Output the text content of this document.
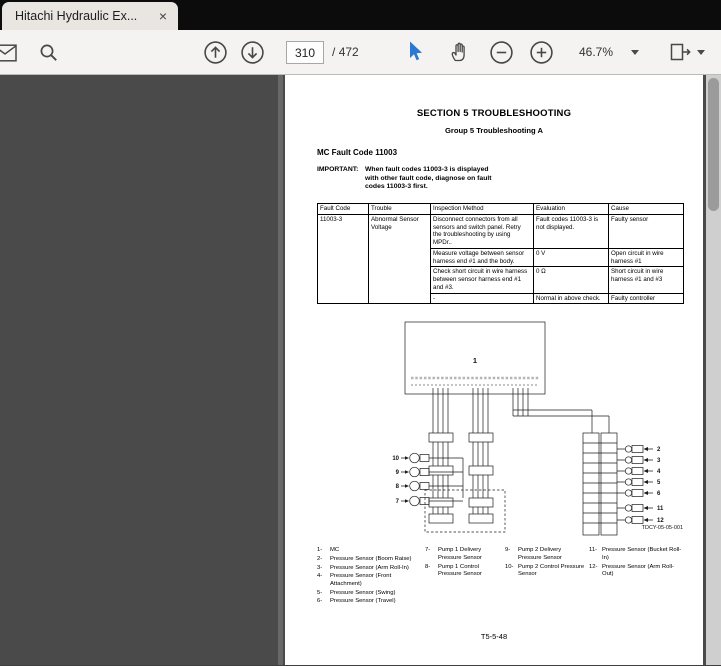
Hitachi Hydraulic Ex...	×
310
/ 472	46.7%
SECTION 5 TROUBLESHOOTING
Group 5 Troubleshooting A
MC Fault Code 11003
IMPORTANT: When fault codes 11003-3 is displayed with other fault code, diagnose on fault codes 11003-3 first.
Fault Code	Trouble	Inspection Method	Evaluation	Cause
11003-3	Abnormal Sensor Voltage	Disconnect connectors from all sensors and switch panel. Retry the troubleshooting by using MPDr..	Fault codes 11003-3 is not displayed.	Faulty sensor
		Measure voltage between sensor harness end #1 and the body.	0 V	Open circuit in wire harness #1
		Check short circuit in wire harness between sensor harness end #1 and #3.	0 Ω	Short circuit in wire harness #1 and #3
		-	Normal in above check.	Faulty controller
1
2
3
4
5
6
11
12
10
9
8
7
TDCY-05-05-001
1-	MC
2-	Pressure Sensor (Boom Raise)
3-	Pressure Sensor (Arm Roll-In)
4-	Pressure Sensor (Front Attachment)
5-	Pressure Sensor (Swing)
6-	Pressure Sensor (Travel)
7-	Pump 1 Delivery Pressure Sensor
8-	Pump 1 Control Pressure Sensor
9-	Pump 2 Delivery Pressure Sensor
10- Pump 2 Control Pressure Sensor
11- Pressure Sensor (Bucket Roll-In)
12- Pressure Sensor (Arm Roll-Out)
T5-5-48
